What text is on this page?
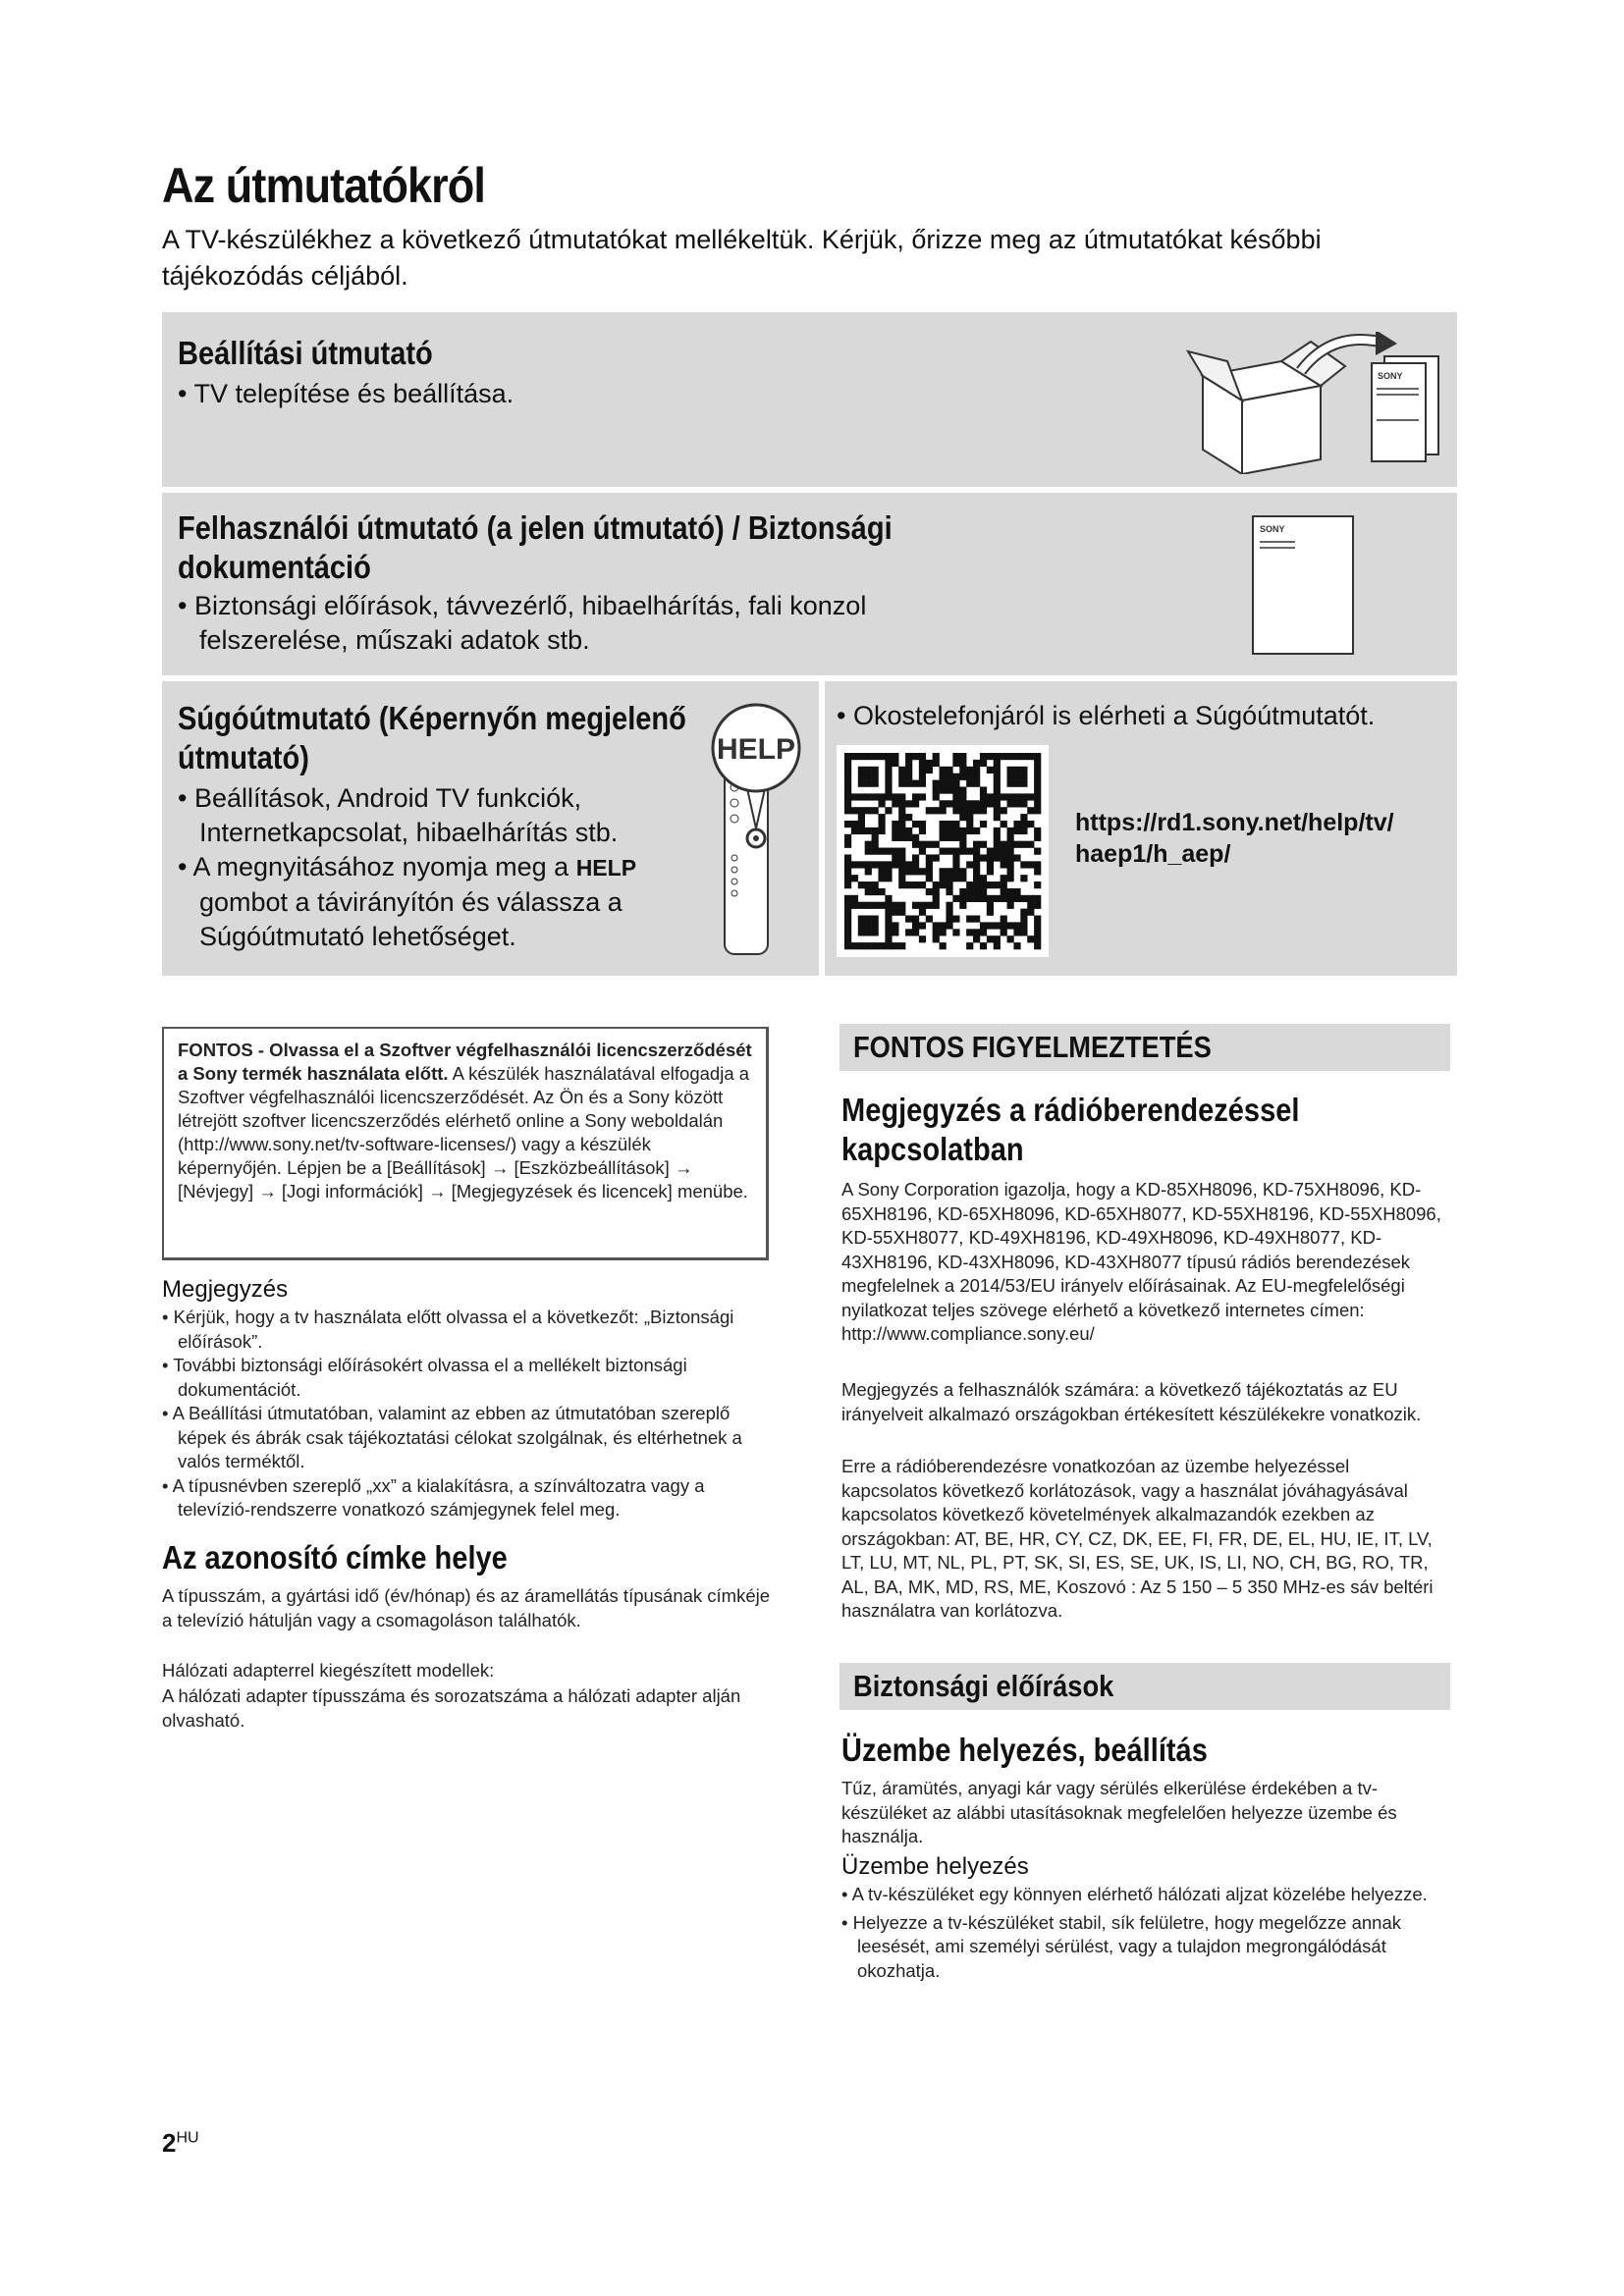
Az útmutatókról
A TV-készülékhez a következő útmutatókat mellékeltük. Kérjük, őrizze meg az útmutatókat későbbi tájékozódás céljából.
Beállítási útmutató
• TV telepítése és beállítása.
SONY
Felhasználói útmutató (a jelen útmutató) / Biztonsági
dokumentáció
• Biztonsági előírások, távvezérlő, hibaelhárítás, fali konzol felszerelése, műszaki adatok stb.
SONY
Súgóútmutató (Képernyőn megjelenő
útmutató)
• Beállítások, Android TV funkciók, Internetkapcsolat, hibaelhárítás stb.
• A megnyitásához nyomja meg a HELP gombot a távirányítón és válassza a Súgóútmutató lehetőséget.
HELP
• Okostelefonjáról is elérheti a Súgóútmutatót.
https://rd1.sony.net/help/tv/
haep1/h_aep/
FONTOS - Olvassa el a Szoftver végfelhasználói licencszerződését a Sony termék használata előtt. A készülék használatával elfogadja a Szoftver végfelhasználói licencszerződését. Az Ön és a Sony között létrejött szoftver licencszerződés elérhető online a Sony weboldalán (http://www.sony.net/tv-software-licenses/) vagy a készülék képernyőjén. Lépjen be a [Beállítások] → [Eszközbeállítások] → [Névjegy] → [Jogi információk] → [Megjegyzések és licencek] menübe.
Megjegyzés
• Kérjük, hogy a tv használata előtt olvassa el a következőt: „Biztonsági előírások”.
• További biztonsági előírásokért olvassa el a mellékelt biztonsági dokumentációt.
• A Beállítási útmutatóban, valamint az ebben az útmutatóban szereplő képek és ábrák csak tájékoztatási célokat szolgálnak, és eltérhetnek a valós terméktől.
• A típusnévben szereplő „xx” a kialakításra, a színváltozatra vagy a televízió-rendszerre vonatkozó számjegynek felel meg.
Az azonosító címke helye

A típusszám, a gyártási idő (év/hónap) és az áramellátás típusának címkéje a televízió hátulján vagy a csomagoláson találhatók.

Hálózati adapterrel kiegészített modellek:

A hálózati adapter típusszáma és sorozatszáma a hálózati adapter alján olvasható.

FONTOS FIGYELMEZTETÉS
Megjegyzés a rádióberendezéssel
kapcsolatban

A Sony Corporation igazolja, hogy a KD-85XH8096, KD-75XH8096, KD-65XH8196, KD-65XH8096, KD-65XH8077, KD-55XH8196, KD-55XH8096, KD-55XH8077, KD-49XH8196, KD-49XH8096, KD-49XH8077, KD-43XH8196, KD-43XH8096, KD-43XH8077 típusú rádiós berendezések megfelelnek a 2014/53/EU irányelv előírásainak. Az EU-megfelelőségi nyilatkozat teljes szövege elérhető a következő internetes címen: http://www.compliance.sony.eu/

Megjegyzés a felhasználók számára: a következő tájékoztatás az EU irányelveit alkalmazó országokban értékesített készülékekre vonatkozik.

Erre a rádióberendezésre vonatkozóan az üzembe helyezéssel kapcsolatos következő korlátozások, vagy a használat jóváhagyásával kapcsolatos következő követelmények alkalmazandók ezekben az országokban: AT, BE, HR, CY, CZ, DK, EE, FI, FR, DE, EL, HU, IE, IT, LV, LT, LU, MT, NL, PL, PT, SK, SI, ES, SE, UK, IS, LI, NO, CH, BG, RO, TR, AL, BA, MK, MD, RS, ME, Koszovó : Az 5 150 – 5 350 MHz-es sáv beltéri használatra van korlátozva.

Biztonsági előírások
Üzembe helyezés, beállítás

Tűz, áramütés, anyagi kár vagy sérülés elkerülése érdekében a tv-készüléket az alábbi utasításoknak megfelelően helyezze üzembe és használja.

Üzembe helyezés
• A tv-készüléket egy könnyen elérhető hálózati aljzat közelébe helyezze.
• Helyezze a tv-készüléket stabil, sík felületre, hogy megelőzze annak leesését, ami személyi sérülést, vagy a tulajdon megrongálódását okozhatja.
$2^{HU}$
